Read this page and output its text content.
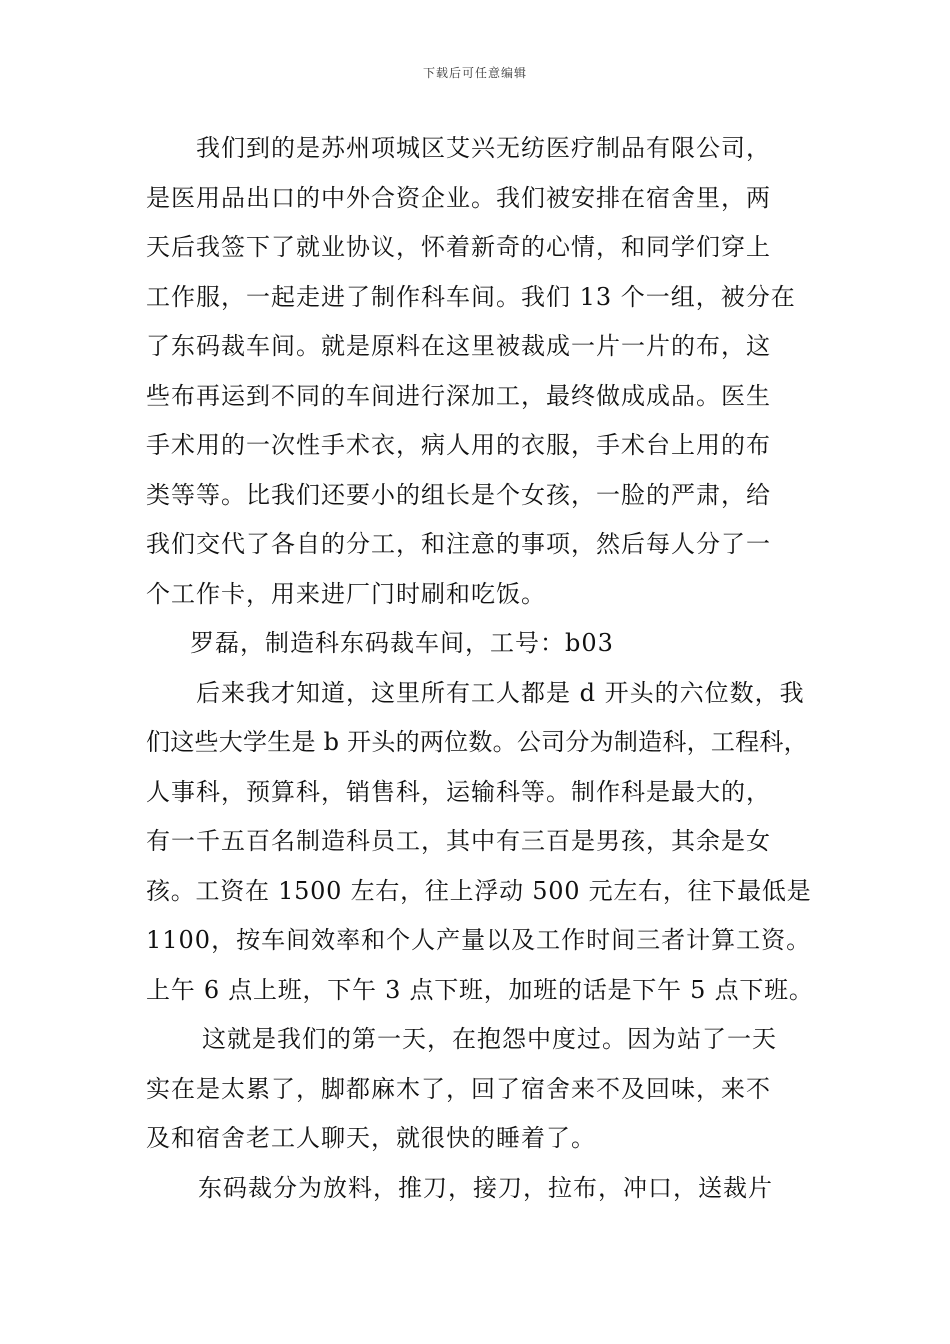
下载后可任意编辑
我们到的是苏州项城区艾兴无纺医疗制品有限公司，
是医用品出口的中外合资企业。我们被安排在宿舍里，两
天后我签下了就业协议，怀着新奇的心情，和同学们穿上
工作服，一起走进了制作科车间。我们 13 个一组，被分在
了东码裁车间。就是原料在这里被裁成一片一片的布，这
些布再运到不同的车间进行深加工，最终做成成品。医生
手术用的一次性手术衣，病人用的衣服，手术台上用的布
类等等。比我们还要小的组长是个女孩，一脸的严肃，给
我们交代了各自的分工，和注意的事项，然后每人分了一
个工作卡，用来进厂门时刷和吃饭。
罗磊，制造科东码裁车间，工号：b03
后来我才知道，这里所有工人都是 d 开头的六位数，我
们这些大学生是 b 开头的两位数。公司分为制造科，工程科，
人事科，预算科，销售科，运输科等。制作科是最大的，
有一千五百名制造科员工，其中有三百是男孩，其余是女
孩。工资在 1500 左右，往上浮动 500 元左右，往下最低是
1100，按车间效率和个人产量以及工作时间三者计算工资。
上午 6 点上班，下午 3 点下班，加班的话是下午 5 点下班。
这就是我们的第一天，在抱怨中度过。因为站了一天
实在是太累了，脚都麻木了，回了宿舍来不及回味，来不
及和宿舍老工人聊天，就很快的睡着了。
东码裁分为放料，推刀，接刀，拉布，冲口，送裁片
